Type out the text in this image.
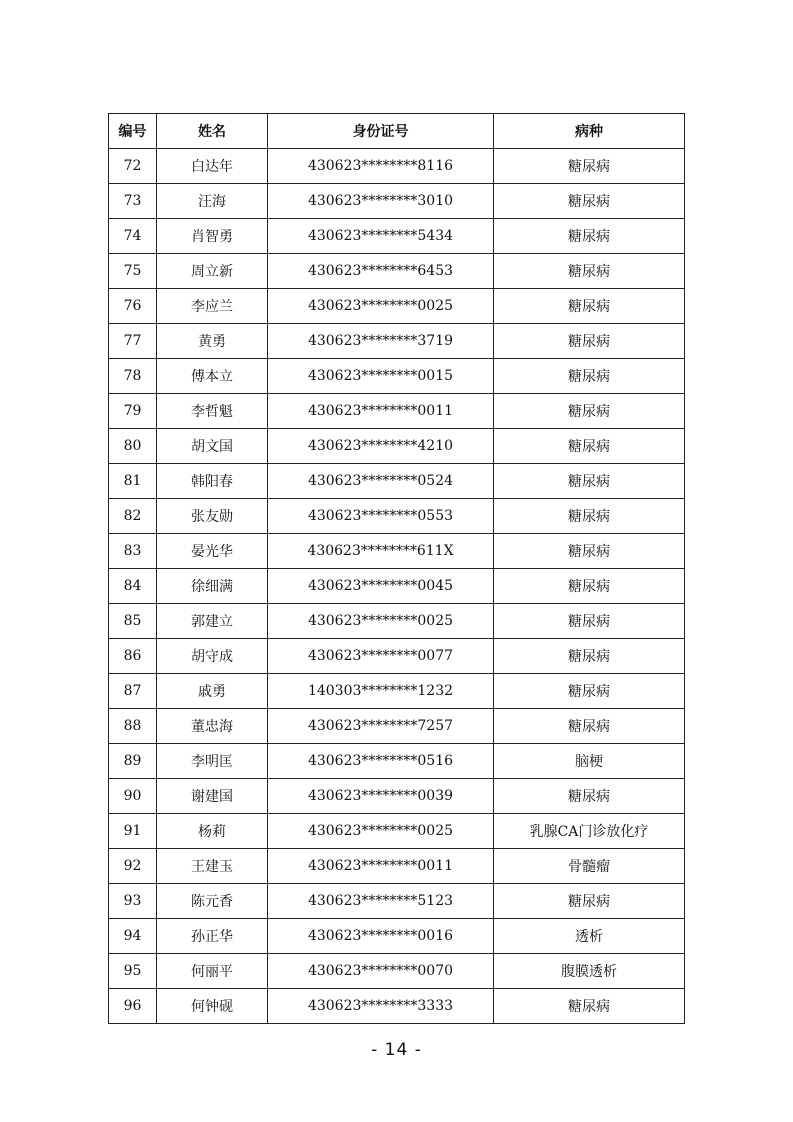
编号	姓名	身份证号	病种
72	白达年	430623********8116	糖尿病
73	汪海	430623********3010	糖尿病
74	肖智勇	430623********5434	糖尿病
75	周立新	430623********6453	糖尿病
76	李应兰	430623********0025	糖尿病
77	黄勇	430623********3719	糖尿病
78	傅本立	430623********0015	糖尿病
79	李哲魁	430623********0011	糖尿病
80	胡文国	430623********4210	糖尿病
81	韩阳春	430623********0524	糖尿病
82	张友勋	430623********0553	糖尿病
83	晏光华	430623********611X	糖尿病
84	徐细满	430623********0045	糖尿病
85	郭建立	430623********0025	糖尿病
86	胡守成	430623********0077	糖尿病
87	戚勇	140303********1232	糖尿病
88	董忠海	430623********7257	糖尿病
89	李明匡	430623********0516	脑梗
90	谢建国	430623********0039	糖尿病
91	杨莉	430623********0025	乳腺CA门诊放化疗
92	王建玉	430623********0011	骨髓瘤
93	陈元香	430623********5123	糖尿病
94	孙正华	430623********0016	透析
95	何丽平	430623********0070	腹膜透析
96	何钟砚	430623********3333	糖尿病
- 14 -
